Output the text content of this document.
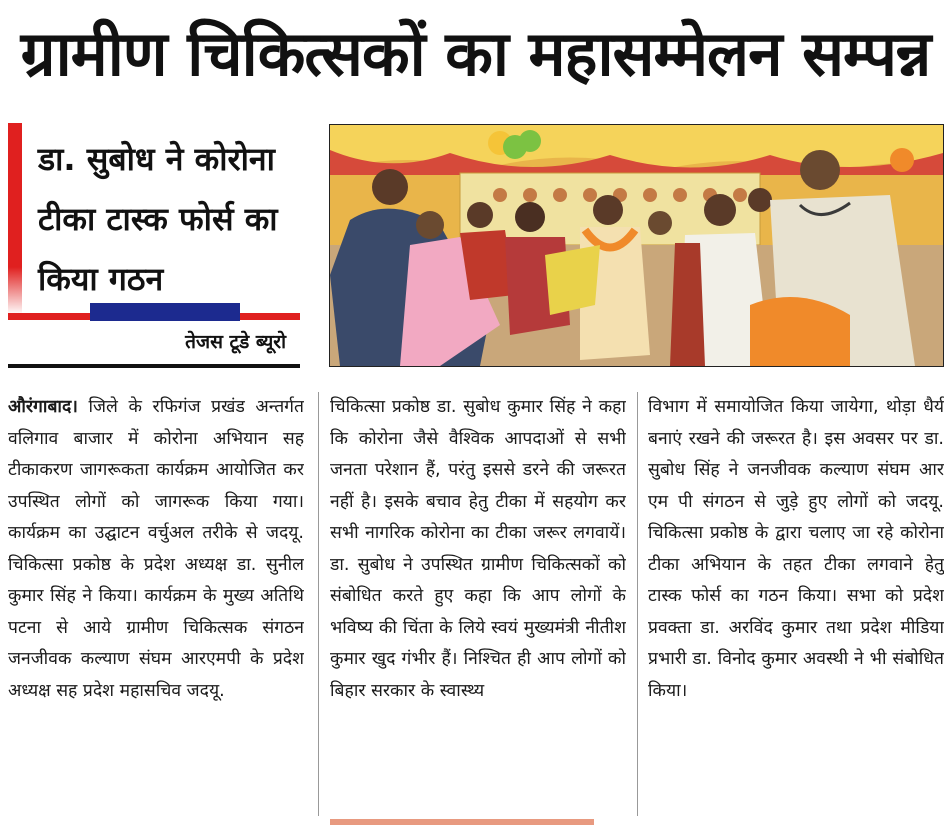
ग्रामीण चिकित्सकों का महासम्मेलन सम्पन्न
डा. सुबोध ने कोरोना टीका टास्क फोर्स का किया गठन
तेजस टूडे ब्यूरो
औरंगाबाद। जिले के रफिगंज प्रखंड अन्तर्गत वलिगाव बाजार में कोरोना अभियान सह टीकाकरण जागरूकता कार्यक्रम आयोजित कर उपस्थित लोगों को जागरूक किया गया। कार्यक्रम का उद्घाटन वर्चुअल तरीके से जदयू. चिकित्सा प्रकोष्ठ के प्रदेश अध्यक्ष डा. सुनील कुमार सिंह ने किया। कार्यक्रम के मुख्य अतिथि पटना से आये ग्रामीण चिकित्सक संगठन जनजीवक कल्याण संघम आरएमपी के प्रदेश अध्यक्ष सह प्रदेश महासचिव जदयू.
चिकित्सा प्रकोष्ठ डा. सुबोध कुमार सिंह ने कहा कि कोरोना जैसे वैश्विक आपदाओं से सभी जनता परेशान हैं, परंतु इससे डरने की जरूरत नहीं है। इसके बचाव हेतु टीका में सहयोग कर सभी नागरिक कोरोना का टीका जरूर लगवायें। डा. सुबोध ने उपस्थित ग्रामीण चिकित्सकों को संबोधित करते हुए कहा कि आप लोगों के भविष्य की चिंता के लिये स्वयं मुख्यमंत्री नीतीश कुमार खुद गंभीर हैं। निश्चित ही आप लोगों को बिहार सरकार के स्वास्थ्य
विभाग में समायोजित किया जायेगा, थोड़ा धैर्य बनाएं रखने की जरूरत है। इस अवसर पर डा. सुबोध सिंह ने जनजीवक कल्याण संघम आर एम पी संगठन से जुड़े हुए लोगों को जदयू. चिकित्सा प्रकोष्ठ के द्वारा चलाए जा रहे कोरोना टीका अभियान के तहत टीका लगवाने हेतु टास्क फोर्स का गठन किया। सभा को प्रदेश प्रवक्ता डा. अरविंद कुमार तथा प्रदेश मीडिया प्रभारी डा. विनोद कुमार अवस्थी ने भी संबोधित किया।
